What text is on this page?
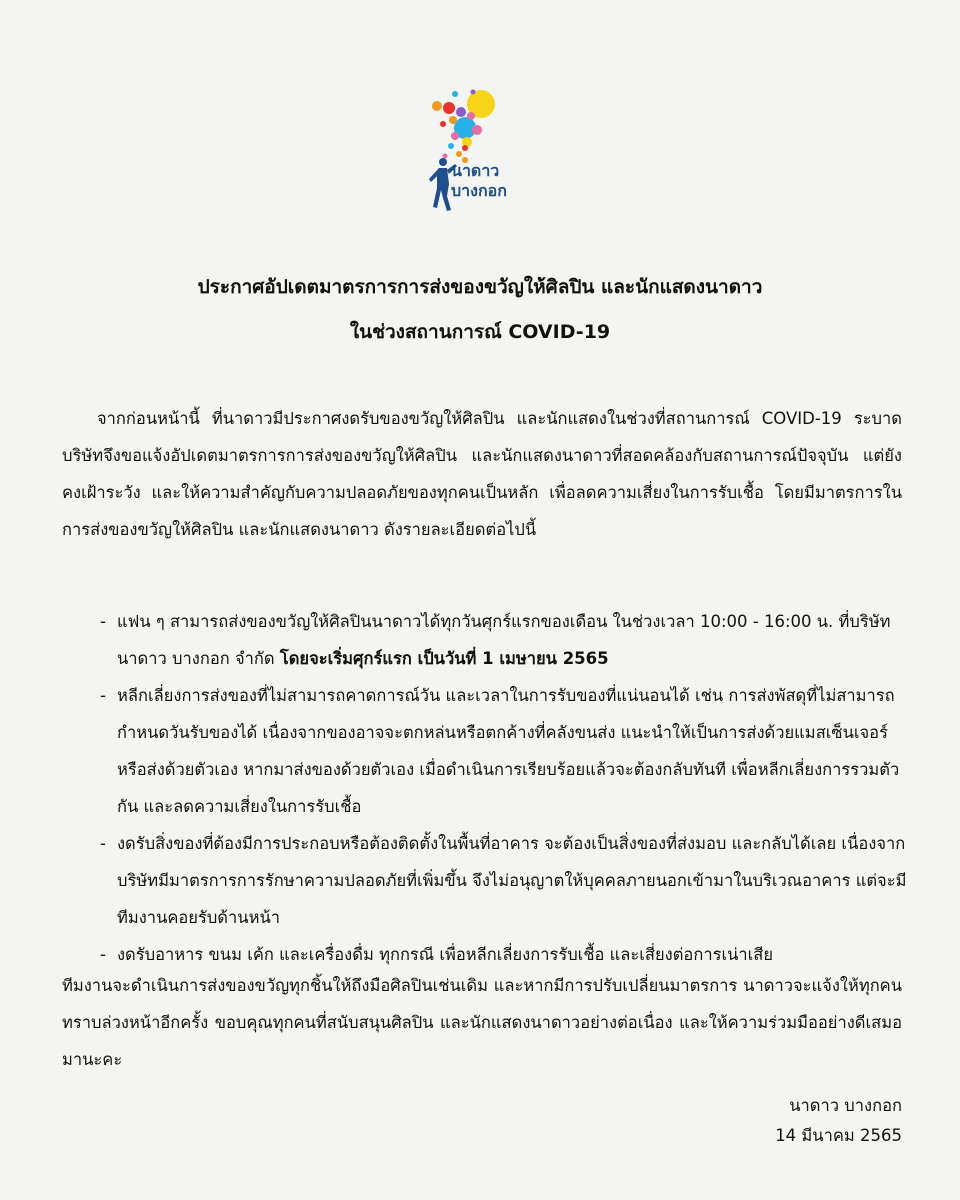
นาดาว
บางกอก
ประกาศอัปเดตมาตรการการส่งของขวัญให้ศิลปิน และนักแสดงนาดาว
ในช่วงสถานการณ์ COVID-19
จากก่อนหน้านี้ ที่นาดาวมีประกาศงดรับของขวัญให้ศิลปิน และนักแสดงในช่วงที่สถานการณ์ COVID-19 ระบาด บริษัทจึงขอแจ้งอัปเดตมาตรการการส่งของขวัญให้ศิลปิน และนักแสดงนาดาวที่สอดคล้องกับสถานการณ์ปัจจุบัน แต่ยังคงเฝ้าระวัง และให้ความสำคัญกับความปลอดภัยของทุกคนเป็นหลัก เพื่อลดความเสี่ยงในการรับเชื้อ โดยมีมาตรการในการส่งของขวัญให้ศิลปิน และนักแสดงนาดาว ดังรายละเอียดต่อไปนี้
- แฟน ๆ สามารถส่งของขวัญให้ศิลปินนาดาวได้ทุกวันศุกร์แรกของเดือน ในช่วงเวลา 10:00 - 16:00 น. ที่บริษัท นาดาว บางกอก จำกัด โดยจะเริ่มศุกร์แรก เป็นวันที่ 1 เมษายน 2565
- หลีกเลี่ยงการส่งของที่ไม่สามารถคาดการณ์วัน และเวลาในการรับของที่แน่นอนได้ เช่น การส่งพัสดุที่ไม่สามารถกำหนดวันรับของได้ เนื่องจากของอาจจะตกหล่นหรือตกค้างที่คลังขนส่ง แนะนำให้เป็นการส่งด้วยแมสเซ็นเจอร์ หรือส่งด้วยตัวเอง หากมาส่งของด้วยตัวเอง เมื่อดำเนินการเรียบร้อยแล้วจะต้องกลับทันที เพื่อหลีกเลี่ยงการรวมตัวกัน และลดความเสี่ยงในการรับเชื้อ
- งดรับสิ่งของที่ต้องมีการประกอบหรือต้องติดตั้งในพื้นที่อาคาร จะต้องเป็นสิ่งของที่ส่งมอบ และกลับได้เลย เนื่องจากบริษัทมีมาตรการการรักษาความปลอดภัยที่เพิ่มขึ้น จึงไม่อนุญาตให้บุคคลภายนอกเข้ามาในบริเวณอาคาร แต่จะมีทีมงานคอยรับด้านหน้า
- งดรับอาหาร ขนม เค้ก และเครื่องดื่ม ทุกกรณี เพื่อหลีกเลี่ยงการรับเชื้อ และเสี่ยงต่อการเน่าเสีย
ทีมงานจะดำเนินการส่งของขวัญทุกชิ้นให้ถึงมือศิลปินเช่นเดิม และหากมีการปรับเปลี่ยนมาตรการ นาดาวจะแจ้งให้ทุกคนทราบล่วงหน้าอีกครั้ง ขอบคุณทุกคนที่สนับสนุนศิลปิน และนักแสดงนาดาวอย่างต่อเนื่อง และให้ความร่วมมืออย่างดีเสมอมานะคะ
นาดาว บางกอก
14 มีนาคม 2565
